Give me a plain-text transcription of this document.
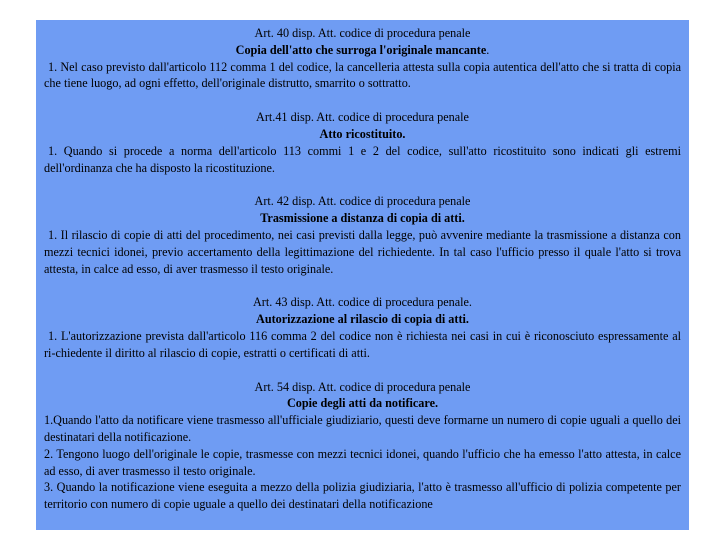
Art. 40 disp. Att. codice di procedura penale
Copia dell'atto che surroga l'originale mancante.

1. Nel caso previsto dall'articolo 112 comma 1 del codice, la cancelleria attesta sulla copia autentica dell'atto che si tratta di copia che tiene luogo, ad ogni effetto, dell'originale distrutto, smarrito o sottratto.

Art.41 disp. Att. codice di procedura penale
Atto ricostituito.

1. Quando si procede a norma dell'articolo 113 commi 1 e 2 del codice, sull'atto ricostituito sono indicati gli estremi dell'ordinanza che ha disposto la ricostituzione.

Art. 42 disp. Att. codice di procedura penale
Trasmissione a distanza di copia di atti.

1. Il rilascio di copie di atti del procedimento, nei casi previsti dalla legge, può avvenire mediante la trasmissione a distanza con mezzi tecnici idonei, previo accertamento della legittimazione del richiedente. In tal caso l'ufficio presso il quale l'atto si trova attesta, in calce ad esso, di aver trasmesso il testo originale.

Art. 43 disp. Att. codice di procedura penale.
Autorizzazione al rilascio di copia di atti.

1. L'autorizzazione prevista dall'articolo 116 comma 2 del codice non è richiesta nei casi in cui è riconosciuto espressamente al ri-chiedente il diritto al rilascio di copie, estratti o certificati di atti.

Art. 54 disp. Att. codice di procedura penale
Copie degli atti da notificare.

1.Quando l'atto da notificare viene trasmesso all'ufficiale giudiziario, questi deve formarne un numero di copie uguali a quello dei destinatari della notificazione.

2. Tengono luogo dell'originale le copie, trasmesse con mezzi tecnici idonei, quando l'ufficio che ha emesso l'atto attesta, in calce ad esso, di aver trasmesso il testo originale.

3. Quando la notificazione viene eseguita a mezzo della polizia giudiziaria, l'atto è trasmesso all'ufficio di polizia competente per territorio con numero di copie uguale a quello dei destinatari della notificazione
